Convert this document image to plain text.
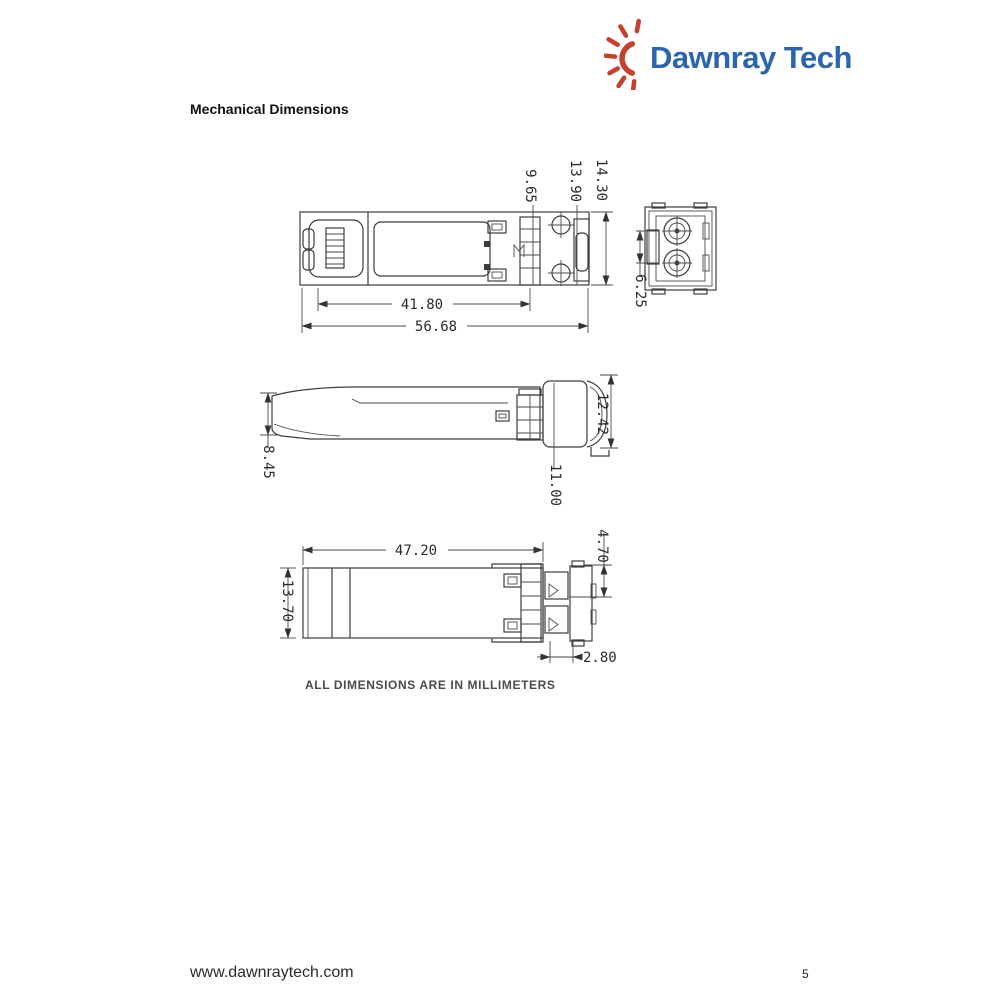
Dawnray Tech
Mechanical Dimensions
9.65 13.90 14.30
41.80
56.68
6.25
8.45
12.42
11.00
47.20
13.70
4.70
2.80
ALL DIMENSIONS ARE IN MILLIMETERS
www.dawnraytech.com	5
